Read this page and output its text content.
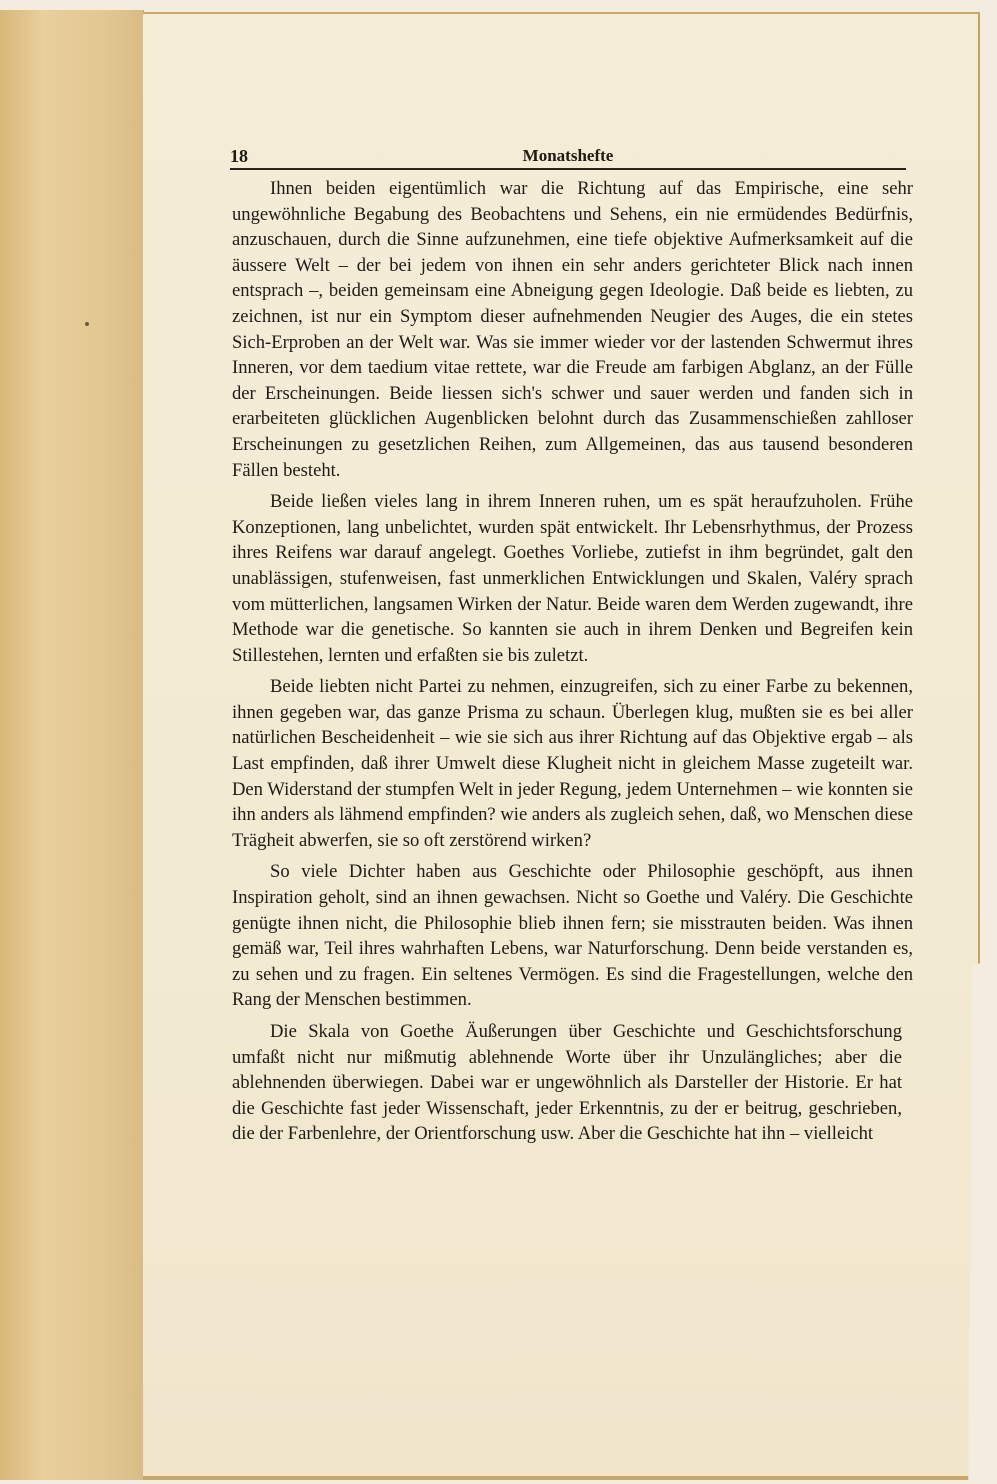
18	Monatshefte

Ihnen beiden eigentümlich war die Richtung auf das Empirische, eine sehr ungewöhnliche Begabung des Beobachtens und Sehens, ein nie ermüdendes Bedürfnis, anzuschauen, durch die Sinne aufzunehmen, eine tiefe objektive Aufmerksamkeit auf die äussere Welt – der bei jedem von ihnen ein sehr anders gerichteter Blick nach innen entsprach –, beiden gemeinsam eine Abneigung gegen Ideologie. Daß beide es liebten, zu zeichnen, ist nur ein Symptom dieser aufnehmenden Neugier des Auges, die ein stetes Sich-Erproben an der Welt war. Was sie immer wieder vor der lastenden Schwermut ihres Inneren, vor dem taedium vitae rettete, war die Freude am farbigen Abglanz, an der Fülle der Erscheinungen. Beide liessen sich's schwer und sauer werden und fanden sich in erarbeiteten glücklichen Augenblicken belohnt durch das Zusammenschießen zahlloser Erscheinungen zu gesetzlichen Reihen, zum Allgemeinen, das aus tausend besonderen Fällen besteht.

Beide ließen vieles lang in ihrem Inneren ruhen, um es spät heraufzuholen. Frühe Konzeptionen, lang unbelichtet, wurden spät entwickelt. Ihr Lebensrhythmus, der Prozess ihres Reifens war darauf angelegt. Goethes Vorliebe, zutiefst in ihm begründet, galt den unablässigen, stufenweisen, fast unmerklichen Entwicklungen und Skalen, Valéry sprach vom mütterlichen, langsamen Wirken der Natur. Beide waren dem Werden zugewandt, ihre Methode war die genetische. So kannten sie auch in ihrem Denken und Begreifen kein Stillestehen, lernten und erfaßten sie bis zuletzt.

Beide liebten nicht Partei zu nehmen, einzugreifen, sich zu einer Farbe zu bekennen, ihnen gegeben war, das ganze Prisma zu schaun. Überlegen klug, mußten sie es bei aller natürlichen Bescheidenheit – wie sie sich aus ihrer Richtung auf das Objektive ergab – als Last empfinden, daß ihrer Umwelt diese Klugheit nicht in gleichem Masse zugeteilt war. Den Widerstand der stumpfen Welt in jeder Regung, jedem Unternehmen – wie konnten sie ihn anders als lähmend empfinden? wie anders als zugleich sehen, daß, wo Menschen diese Trägheit abwerfen, sie so oft zerstörend wirken?

So viele Dichter haben aus Geschichte oder Philosophie geschöpft, aus ihnen Inspiration geholt, sind an ihnen gewachsen. Nicht so Goethe und Valéry. Die Geschichte genügte ihnen nicht, die Philosophie blieb ihnen fern; sie misstrauten beiden. Was ihnen gemäß war, Teil ihres wahrhaften Lebens, war Naturforschung. Denn beide verstanden es, zu sehen und zu fragen. Ein seltenes Vermögen. Es sind die Fragestellungen, welche den Rang der Menschen bestimmen.

Die Skala von Goethe Äußerungen über Geschichte und Geschichtsforschung umfaßt nicht nur mißmutig ablehnende Worte über ihr Unzulängliches; aber die ablehnenden überwiegen. Dabei war er ungewöhnlich als Darsteller der Historie. Er hat die Geschichte fast jeder Wissenschaft, jeder Erkenntnis, zu der er beitrug, geschrieben, die der Farbenlehre, der Orientforschung usw. Aber die Geschichte hat ihn – vielleicht
